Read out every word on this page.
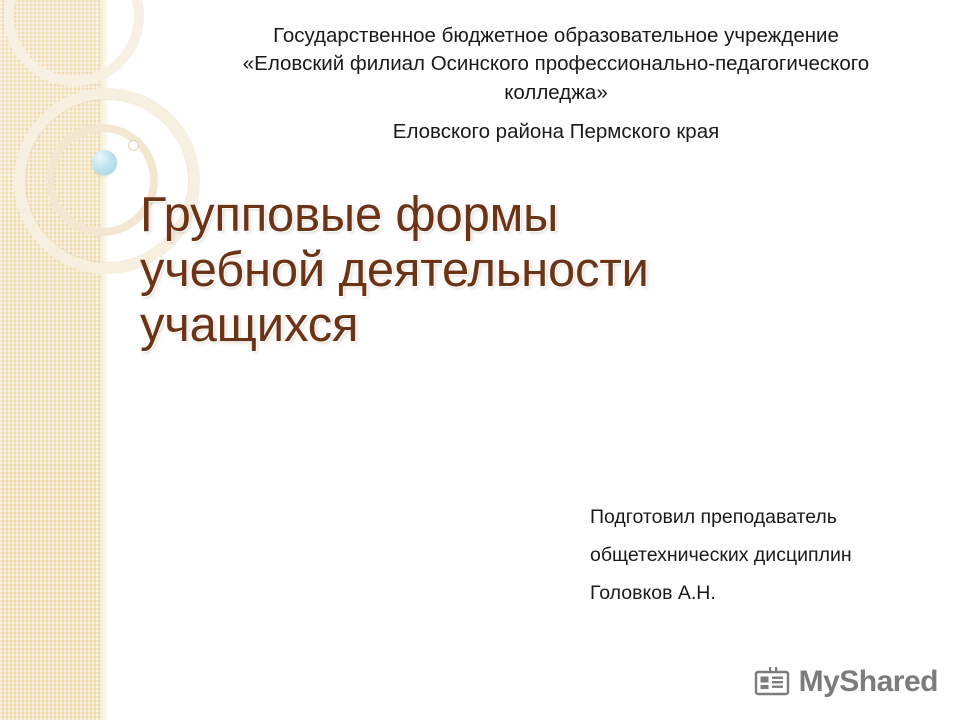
Государственное бюджетное образовательное учреждение
«Еловский филиал Осинского профессионально-педагогического
колледжа»
Еловского района Пермского края
Групповые формы учебной деятельности учащихся
Подготовил преподаватель
общетехнических дисциплин
Головков А.Н.
MyShared
